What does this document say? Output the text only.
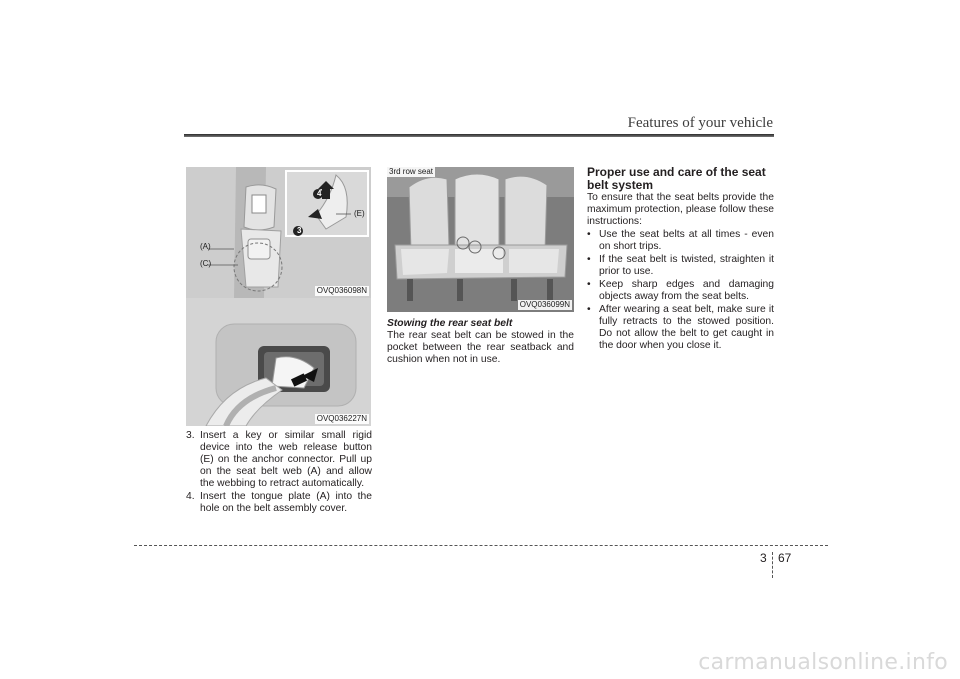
Features of your vehicle
(A)
(C)
(E)
4
3
OVQ036098N
OVQ036227N
3rd row seat
OVQ036099N
3. Insert a key or similar small rigid device into the web release button (E) on the anchor connector. Pull up on the seat belt web (A) and allow the webbing to retract automatically.
4. Insert the tongue plate (A) into the hole on the belt assembly cover.

Stowing the rear seat belt

The rear seat belt can be stowed in the pocket between the rear seatback and cushion when not in use.

Proper use and care of the seat belt system

To ensure that the seat belts provide the maximum protection, please follow these instructions:

• Use the seat belts at all times - even on short trips.
• If the seat belt is twisted, straighten it prior to use.
• Keep sharp edges and damaging objects away from the seat belts.
• After wearing a seat belt, make sure it fully retracts to the stowed position. Do not allow the belt to get caught in the door when you close it.
3 67
carmanualsonline.info
